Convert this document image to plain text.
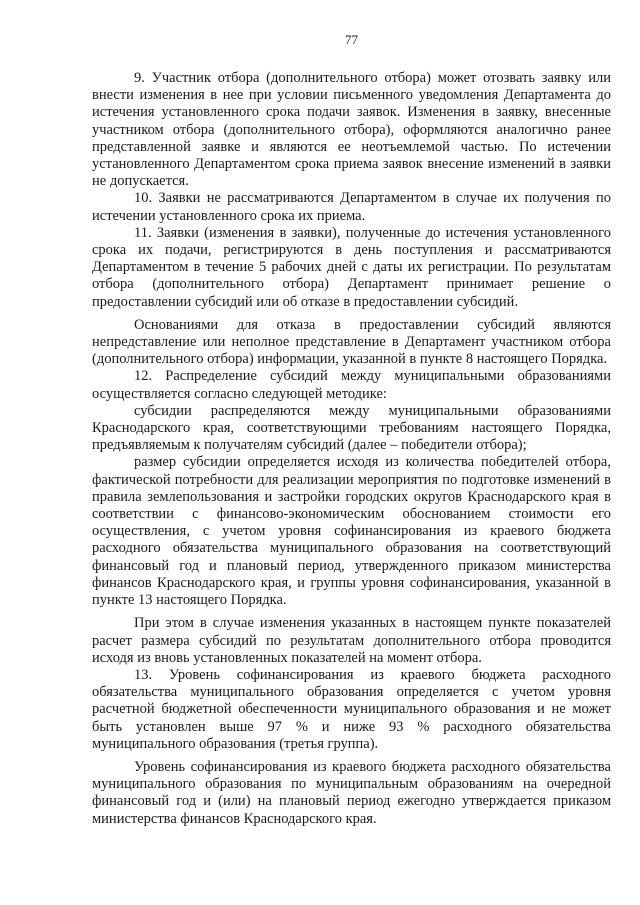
77

9. Участник отбора (дополнительного отбора) может отозвать заявку или внести изменения в нее при условии письменного уведомления Департамента до истечения установленного срока подачи заявок. Изменения в заявку, внесенные участником отбора (дополнительного отбора), оформляются аналогично ранее представленной заявке и являются ее неотъемлемой частью. По истечении установленного Департаментом срока приема заявок внесение изменений в заявки не допускается.

10. Заявки не рассматриваются Департаментом в случае их получения по истечении установленного срока их приема.

11. Заявки (изменения в заявки), полученные до истечения установленного срока их подачи, регистрируются в день поступления и рассматриваются Департаментом в течение 5 рабочих дней с даты их регистрации. По результатам отбора (дополнительного отбора) Департамент принимает решение о предоставлении субсидий или об отказе в предоставлении субсидий.

Основаниями для отказа в предоставлении субсидий являются непредставление или неполное представление в Департамент участником отбора (дополнительного отбора) информации, указанной в пункте 8 настоящего Порядка.

12. Распределение субсидий между муниципальными образованиями осуществляется согласно следующей методике:

субсидии распределяются между муниципальными образованиями Краснодарского края, соответствующими требованиям настоящего Порядка, предъявляемым к получателям субсидий (далее – победители отбора);

размер субсидии определяется исходя из количества победителей отбора, фактической потребности для реализации мероприятия по подготовке изменений в правила землепользования и застройки городских округов Краснодарского края в соответствии с финансово-экономическим обоснованием стоимости его осуществления, с учетом уровня софинансирования из краевого бюджета расходного обязательства муниципального образования на соответствующий финансовый год и плановый период, утвержденного приказом министерства финансов Краснодарского края, и группы уровня софинансирования, указанной в пункте 13 настоящего Порядка.

При этом в случае изменения указанных в настоящем пункте показателей расчет размера субсидий по результатам дополнительного отбора проводится исходя из вновь установленных показателей на момент отбора.

13. Уровень софинансирования из краевого бюджета расходного обязательства муниципального образования определяется с учетом уровня расчетной бюджетной обеспеченности муниципального образования и не может быть установлен выше 97 % и ниже 93 % расходного обязательства муниципального образования (третья группа).

Уровень софинансирования из краевого бюджета расходного обязательства муниципального образования по муниципальным образованиям на очередной финансовый год и (или) на плановый период ежегодно утверждается приказом министерства финансов Краснодарского края.
